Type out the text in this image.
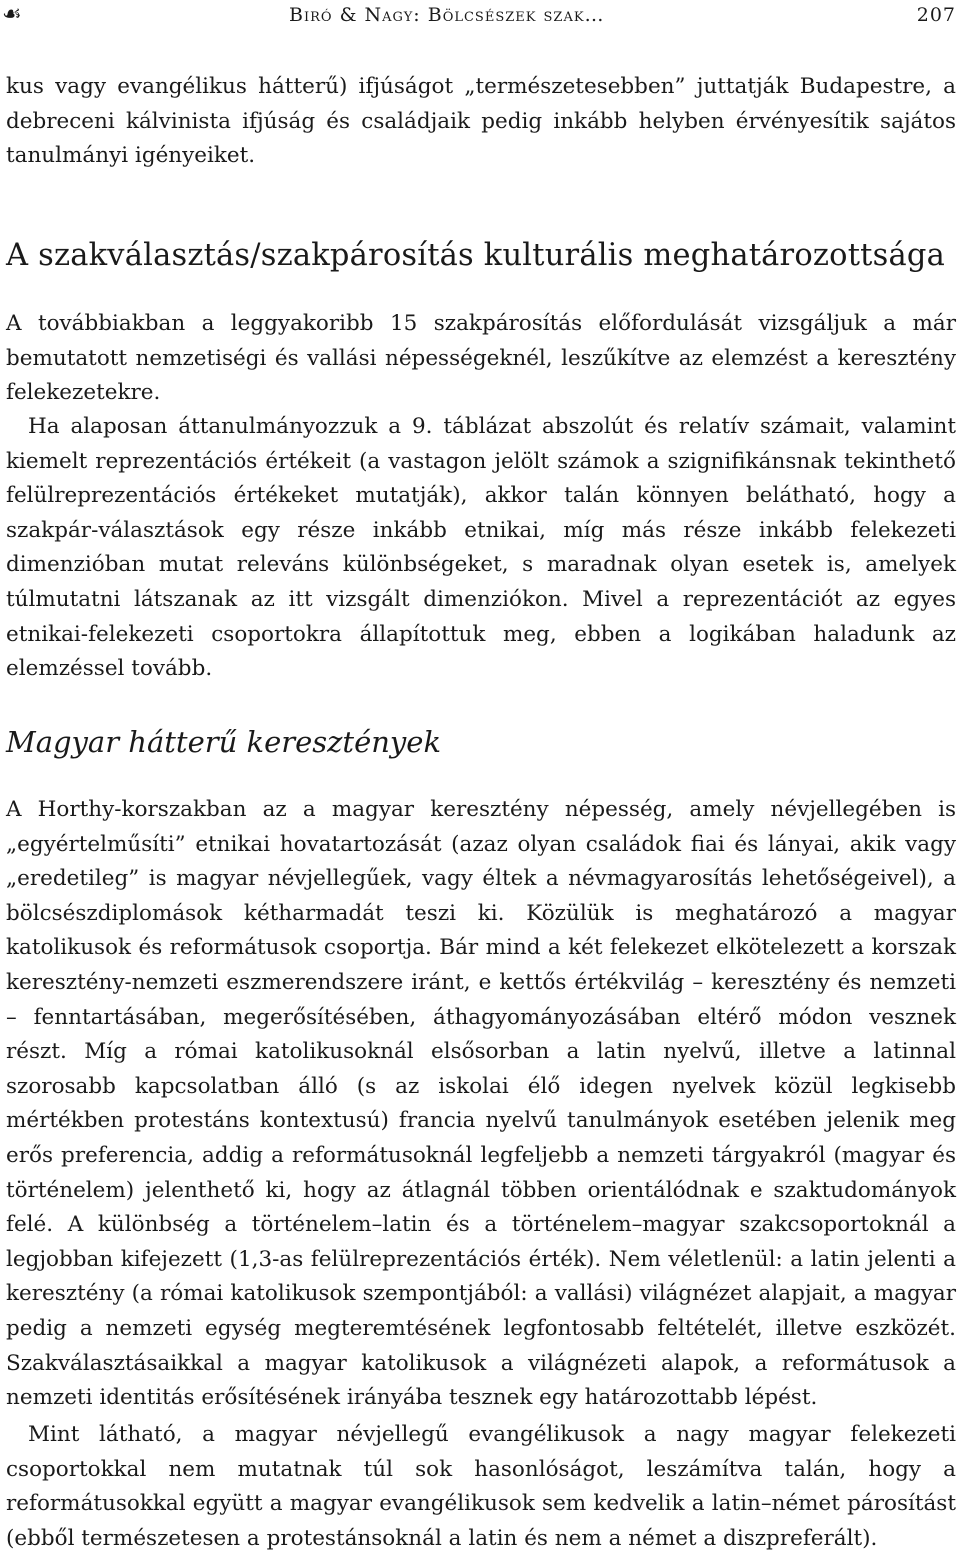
☙	Biró & Nagy: Bölcsészek szak…	207

kus vagy evangélikus hátterű) ifjúságot „természetesebben” juttatják Budapestre, a debreceni kálvinista ifjúság és családjaik pedig inkább helyben érvényesítik sajátos tanulmányi igényeiket.

A szakválasztás/szakpárosítás kulturális meghatározottsága

A továbbiakban a leggyakoribb 15 szakpárosítás előfordulását vizsgáljuk a már bemutatott nemzetiségi és vallási népességeknél, leszűkítve az elemzést a keresztény felekezetekre.

Ha alaposan áttanulmányozzuk a 9. táblázat abszolút és relatív számait, valamint kiemelt reprezentációs értékeit (a vastagon jelölt számok a szignifikánsnak tekinthető felülreprezentációs értékeket mutatják), akkor talán könnyen belátható, hogy a szakpár-választások egy része inkább etnikai, míg más része inkább felekezeti dimenzióban mutat releváns különbségeket, s maradnak olyan esetek is, amelyek túlmutatni látszanak az itt vizsgált dimenziókon. Mivel a reprezentációt az egyes etnikai-felekezeti csoportokra állapítottuk meg, ebben a logikában haladunk az elemzéssel tovább.

Magyar hátterű keresztények

A Horthy-korszakban az a magyar keresztény népesség, amely névjellegében is „egyértelműsíti” etnikai hovatartozását (azaz olyan családok fiai és lányai, akik vagy „eredetileg” is magyar névjellegűek, vagy éltek a névmagyarosítás lehetőségeivel), a bölcsészdiplomások kétharmadát teszi ki. Közülük is meghatározó a magyar katolikusok és reformátusok csoportja. Bár mind a két felekezet elkötelezett a korszak keresztény-nemzeti eszmerendszere iránt, e kettős értékvilág – keresztény és nemzeti – fenntartásában, megerősítésében, áthagyományozásában eltérő módon vesznek részt. Míg a római katolikusoknál elsősorban a latin nyelvű, illetve a latinnal szorosabb kapcsolatban álló (s az iskolai élő idegen nyelvek közül legkisebb mértékben protestáns kontextusú) francia nyelvű tanulmányok esetében jelenik meg erős preferencia, addig a reformátusoknál legfeljebb a nemzeti tárgyakról (magyar és történelem) jelenthető ki, hogy az átlagnál többen orientálódnak e szaktudományok felé. A különbség a történelem–latin és a történelem–magyar szakcsoportoknál a legjobban kifejezett (1,3-as felülreprezentációs érték). Nem véletlenül: a latin jelenti a keresztény (a római katolikusok szempontjából: a vallási) világnézet alapjait, a magyar pedig a nemzeti egység megteremtésének legfontosabb feltételét, illetve eszközét. Szakválasztásaikkal a magyar katolikusok a világnézeti alapok, a reformátusok a nemzeti identitás erősítésének irányába tesznek egy határozottabb lépést.

Mint látható, a magyar névjellegű evangélikusok a nagy magyar felekezeti csoportokkal nem mutatnak túl sok hasonlóságot, leszámítva talán, hogy a reformátusokkal együtt a magyar evangélikusok sem kedvelik a latin–német párosítást (ebből természetesen a protestánsoknál a latin és nem a német a diszpreferált).
